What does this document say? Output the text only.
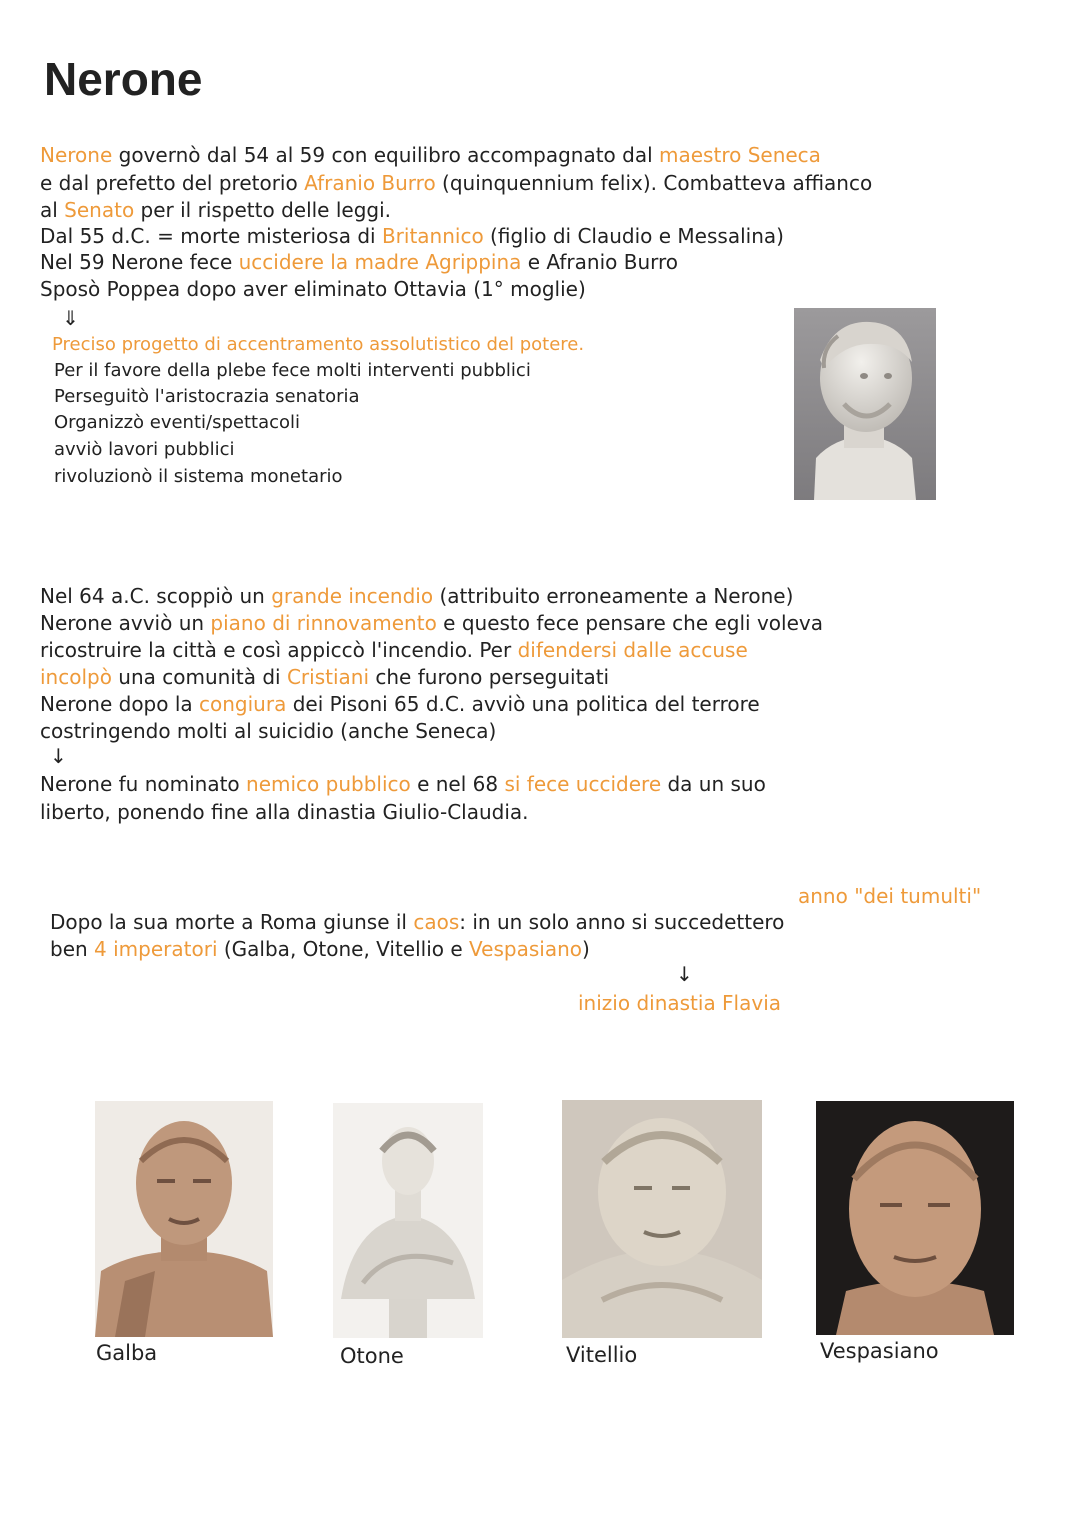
Nerone
Nerone governò dal 54 al 59 con equilibro accompagnato dal maestro Seneca
e dal prefetto del pretorio Afranio Burro (quinquennium felix). Combatteva affianco
al Senato per il rispetto delle leggi.
Dal 55 d.C. = morte misteriosa di Britannico (figlio di Claudio e Messalina)
Nel 59 Nerone fece uccidere la madre Agrippina e Afranio Burro
Sposò Poppea dopo aver eliminato Ottavia (1° moglie)
⇓
Preciso progetto di accentramento assolutistico del potere.
Per il favore della plebe fece molti interventi pubblici
Perseguitò l'aristocrazia senatoria
Organizzò eventi/spettacoli
avviò lavori pubblici
rivoluzionò il sistema monetario
Nel 64 a.C. scoppiò un grande incendio (attribuito erroneamente a Nerone)
Nerone avviò un piano di rinnovamento e questo fece pensare che egli voleva
ricostruire la città e così appiccò l'incendio. Per difendersi dalle accuse
incolpò una comunità di Cristiani che furono perseguitati
Nerone dopo la congiura dei Pisoni 65 d.C. avviò una politica del terrore
costringendo molti al suicidio (anche Seneca)
↓
Nerone fu nominato nemico pubblico e nel 68 si fece uccidere da un suo
liberto, ponendo fine alla dinastia Giulio-Claudia.
anno "dei tumulti"
Dopo la sua morte a Roma giunse il caos: in un solo anno si succedettero
ben 4 imperatori (Galba, Otone, Vitellio e Vespasiano)
↓
inizio dinastia Flavia
Galba	Otone	Vitellio	Vespasiano
